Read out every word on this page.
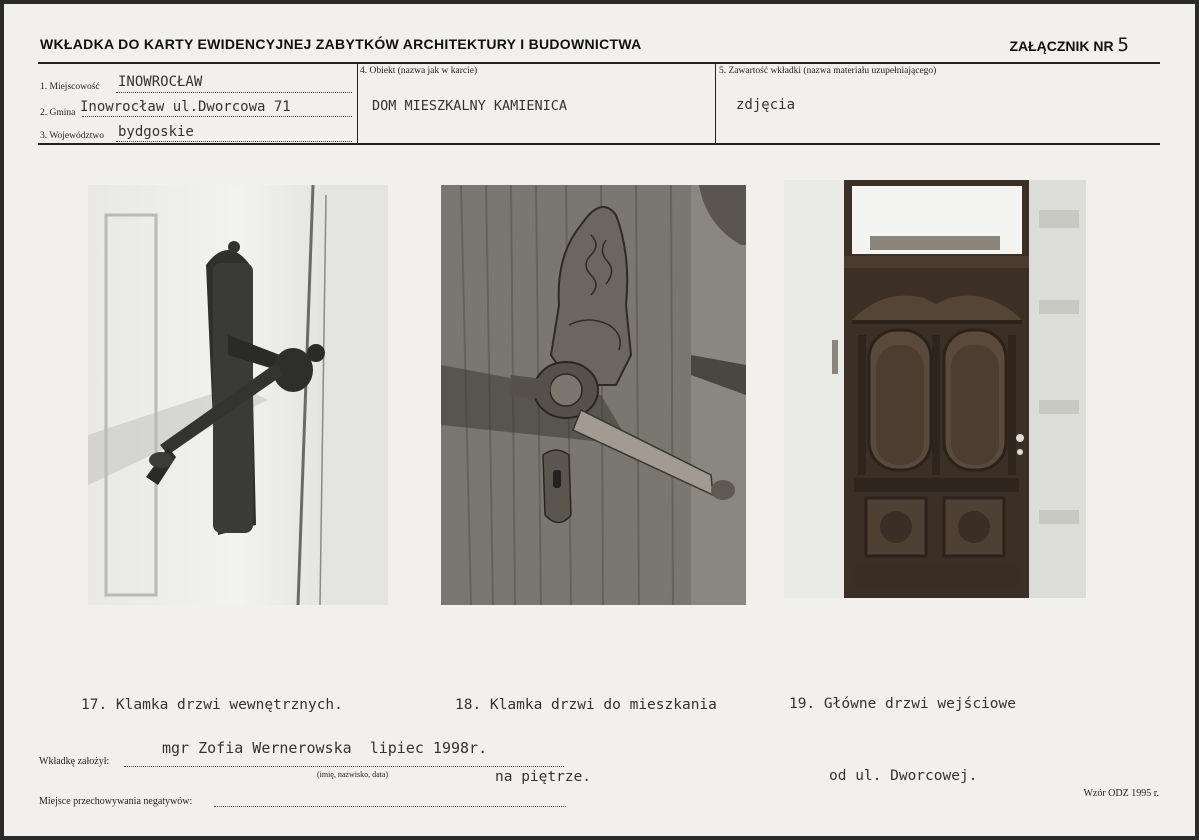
WKŁADKA DO KARTY EWIDENCYJNEJ ZABYTKÓW ARCHITEKTURY I BUDOWNICTWA	ZAŁĄCZNIK NR 5
1. Miejscowość INOWROCŁAW
2. Gmina Inowrocław ul.Dworcowa 71
3. Województwo bydgoskie
4. Obiekt (nazwa jak w karcie)
DOM MIESZKALNY KAMIENICA
5. Zawartość wkładki (nazwa materiału uzupełniającego)
zdjęcia

17. Klamka drzwi wewnętrznych.

	18. Klamka drzwi do mieszkania

na piętrze.

19. Główne drzwi wejściowe

od ul. Dworcowej.

Wkładkę założył:
mgr Zofia Wernerowska  lipiec 1998r.
(imię, nazwisko, data)
Miejsce przechowywania negatywów:
Wzór ODZ 1995 r.
